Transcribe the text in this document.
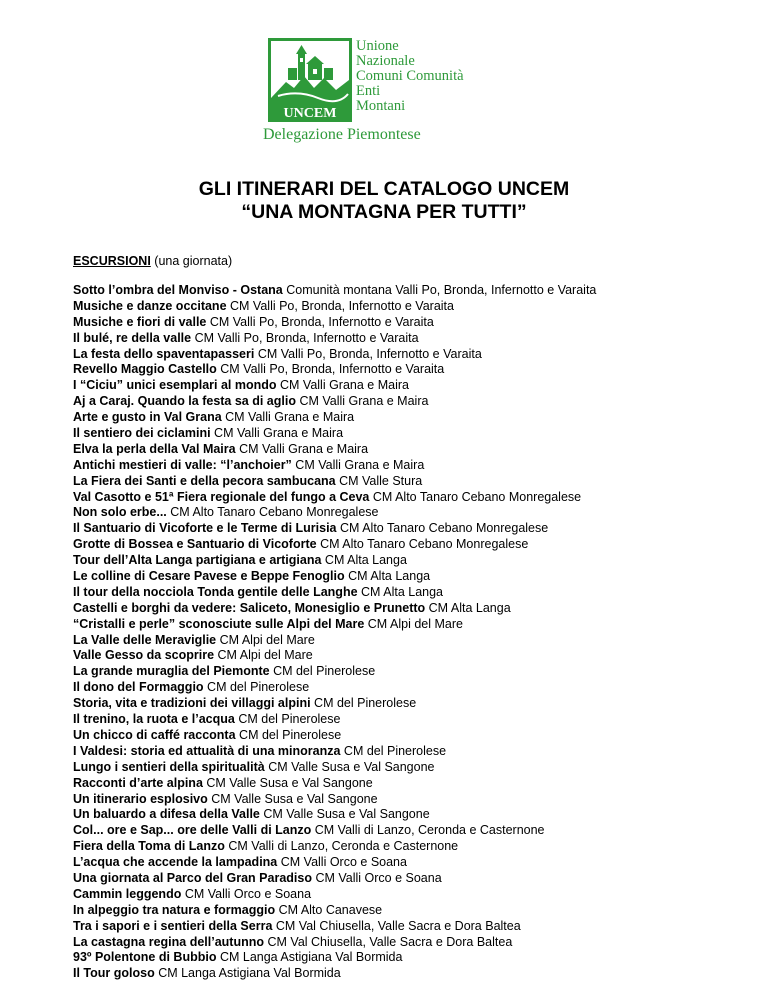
UNCEM
Unione
Nazionale
Comuni Comunità
Enti
Montani
Delegazione Piemontese
GLI ITINERARI DEL CATALOGO UNCEM
“UNA MONTAGNA PER TUTTI”
ESCURSIONI (una giornata)
Sotto l’ombra del Monviso - Ostana Comunità montana Valli Po, Bronda, Infernotto e Varaita
Musiche e danze occitane CM Valli Po, Bronda, Infernotto e Varaita
Musiche e fiori di valle CM Valli Po, Bronda, Infernotto e Varaita
Il bulé, re della valle CM Valli Po, Bronda, Infernotto e Varaita
La festa dello spaventapasseri CM Valli Po, Bronda, Infernotto e Varaita
Revello Maggio Castello CM Valli Po, Bronda, Infernotto e Varaita
I “Ciciu” unici esemplari al mondo CM Valli Grana e Maira
Aj a Caraj. Quando la festa sa di aglio CM Valli Grana e Maira
Arte e gusto in Val Grana CM Valli Grana e Maira
Il sentiero dei ciclamini CM Valli Grana e Maira
Elva la perla della Val Maira CM Valli Grana e Maira
Antichi mestieri di valle: “l’anchoier” CM Valli Grana e Maira
La Fiera dei Santi e della pecora sambucana CM Valle Stura
Val Casotto e 51ª Fiera regionale del fungo a Ceva CM Alto Tanaro Cebano Monregalese
Non solo erbe... CM Alto Tanaro Cebano Monregalese
Il Santuario di Vicoforte e le Terme di Lurisia CM Alto Tanaro Cebano Monregalese
Grotte di Bossea e Santuario di Vicoforte CM Alto Tanaro Cebano Monregalese
Tour dell’Alta Langa partigiana e artigiana CM Alta Langa
Le colline di Cesare Pavese e Beppe Fenoglio CM Alta Langa
Il tour della nocciola Tonda gentile delle Langhe CM Alta Langa
Castelli e borghi da vedere: Saliceto, Monesiglio e Prunetto CM Alta Langa
“Cristalli e perle” sconosciute sulle Alpi del Mare CM Alpi del Mare
La Valle delle Meraviglie CM Alpi del Mare
Valle Gesso da scoprire CM Alpi del Mare
La grande muraglia del Piemonte CM del Pinerolese
Il dono del Formaggio CM del Pinerolese
Storia, vita e tradizioni dei villaggi alpini CM del Pinerolese
Il trenino, la ruota e l’acqua CM del Pinerolese
Un chicco di caffé racconta CM del Pinerolese
I Valdesi: storia ed attualità di una minoranza CM del Pinerolese
Lungo i sentieri della spiritualità CM Valle Susa e Val Sangone
Racconti d’arte alpina CM Valle Susa e Val Sangone
Un itinerario esplosivo CM Valle Susa e Val Sangone
Un baluardo a difesa della Valle CM Valle Susa e Val Sangone
Col... ore e Sap... ore delle Valli di Lanzo CM Valli di Lanzo, Ceronda e Casternone
Fiera della Toma di Lanzo CM Valli di Lanzo, Ceronda e Casternone
L’acqua che accende la lampadina CM Valli Orco e Soana
Una giornata al Parco del Gran Paradiso CM Valli Orco e Soana
Cammin leggendo CM Valli Orco e Soana
In alpeggio tra natura e formaggio CM Alto Canavese
Tra i sapori e i sentieri della Serra CM Val Chiusella, Valle Sacra e Dora Baltea
La castagna regina dell’autunno CM Val Chiusella, Valle Sacra e Dora Baltea
93º Polentone di Bubbio CM Langa Astigiana Val Bormida
Il Tour goloso CM Langa Astigiana Val Bormida
